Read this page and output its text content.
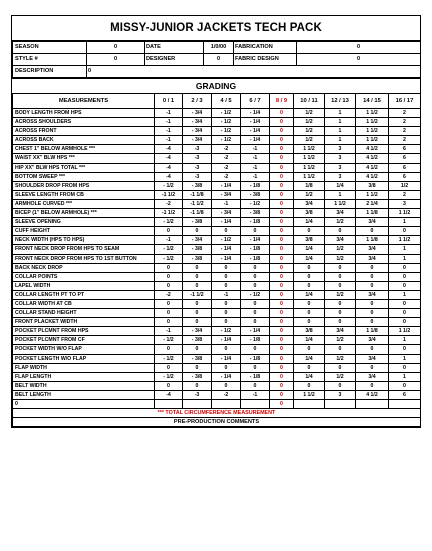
MISSY-JUNIOR JACKETS TECH PACK
SEASON	0	DATE	1/0/00	FABRICATION	0
STYLE #	0	DESIGNER	0	FABRIC DESIGN	0
DESCRIPTION	0				
GRADING
MEASUREMENTS	0 / 1	2 / 3	4 / 5	6 / 7	8 / 9	10 / 11	12 / 13	14 / 15	16 / 17
BODY LENGTH FROM HPS	-1	- 3/4	- 1/2	- 1/4	0	1/2	1	1 1/2	2
ACROSS SHOULDERS	-1	- 3/4	- 1/2	- 1/4	0	1/2	1	1 1/2	2
ACROSS FRONT	-1	- 3/4	- 1/2	- 1/4	0	1/2	1	1 1/2	2
ACROSS BACK	-1	- 3/4	- 1/2	- 1/4	0	1/2	1	1 1/2	2
CHEST 1" BELOW ARMHOLE ***	-4	-3	-2	-1	0	1 1/2	3	4 1/2	6
WAIST XX" BLW HPS ***	-4	-3	-2	-1	0	1 1/2	3	4 1/2	6
HIP XX" BLW HPS TOTAL ***	-4	-3	-2	-1	0	1 1/2	3	4 1/2	6
BOTTOM SWEEP ***	-4	-3	-2	-1	0	1 1/2	3	4 1/2	6
SHOULDER DROP FROM HPS	- 1/2	- 3/8	- 1/4	- 1/8	0	1/8	1/4	3/8	1/2
SLEEVE LENGTH FROM CB	-1 1/2	-1 1/8	- 3/4	- 3/8	0	1/2	1	1 1/2	2
ARMHOLE CURVED ***	-2	-1 1/2	-1	- 1/2	0	3/4	1 1/2	2 1/4	3
BICEP (1" BELOW ARMHOLE) ***	-1 1/2	-1 1/8	- 3/4	- 3/8	0	3/8	3/4	1 1/8	1 1/2
SLEEVE OPENING	- 1/2	- 3/8	- 1/4	- 1/8	0	1/4	1/2	3/4	1
CUFF HEIGHT	0	0	0	0	0	0	0	0	0
NECK WIDTH (HPS TO HPS)	-1	- 3/4	- 1/2	- 1/4	0	3/8	3/4	1 1/8	1 1/2
FRONT NECK DROP FROM HPS TO SEAM	- 1/2	- 3/8	- 1/4	- 1/8	0	1/4	1/2	3/4	1
FRONT NECK DROP FROM HPS TO 1ST BUTTON	- 1/2	- 3/8	- 1/4	- 1/8	0	1/4	1/2	3/4	1
BACK NECK DROP	0	0	0	0	0	0	0	0	0
COLLAR POINTS	0	0	0	0	0	0	0	0	0
LAPEL WIDTH	0	0	0	0	0	0	0	0	0
COLLAR LENGTH PT TO PT	-2	-1 1/2	-1	- 1/2	0	1/4	1/2	3/4	1
COLLAR WIDTH AT CB	0	0	0	0	0	0	0	0	0
COLLAR STAND HEIGHT	0	0	0	0	0	0	0	0	0
FRONT PLACKET WIDTH	0	0	0	0	0	0	0	0	0
POCKET PLCMNT FROM HPS	-1	- 3/4	- 1/2	- 1/4	0	3/8	3/4	1 1/8	1 1/2
POCKET PLCMNT FROM CF	- 1/2	- 3/8	- 1/4	- 1/8	0	1/4	1/2	3/4	1
POCKET WIDTH W/O FLAP	0	0	0	0	0	0	0	0	0
POCKET LENGTH W/O FLAP	- 1/2	- 3/8	- 1/4	- 1/8	0	1/4	1/2	3/4	1
FLAP WIDTH	0	0	0	0	0	0	0	0	0
FLAP LENGTH	- 1/2	- 3/8	- 1/4	- 1/8	0	1/4	1/2	3/4	1
BELT WIDTH	0	0	0	0	0	0	0	0	0
BELT LENGTH	-4	-3	-2	-1	0	1 1/2	3	4 1/2	6
0					0				
*** TOTAL CIRCUMFERENCE MEASUREMENT									
PRE-PRODUCTION COMMENTS									
